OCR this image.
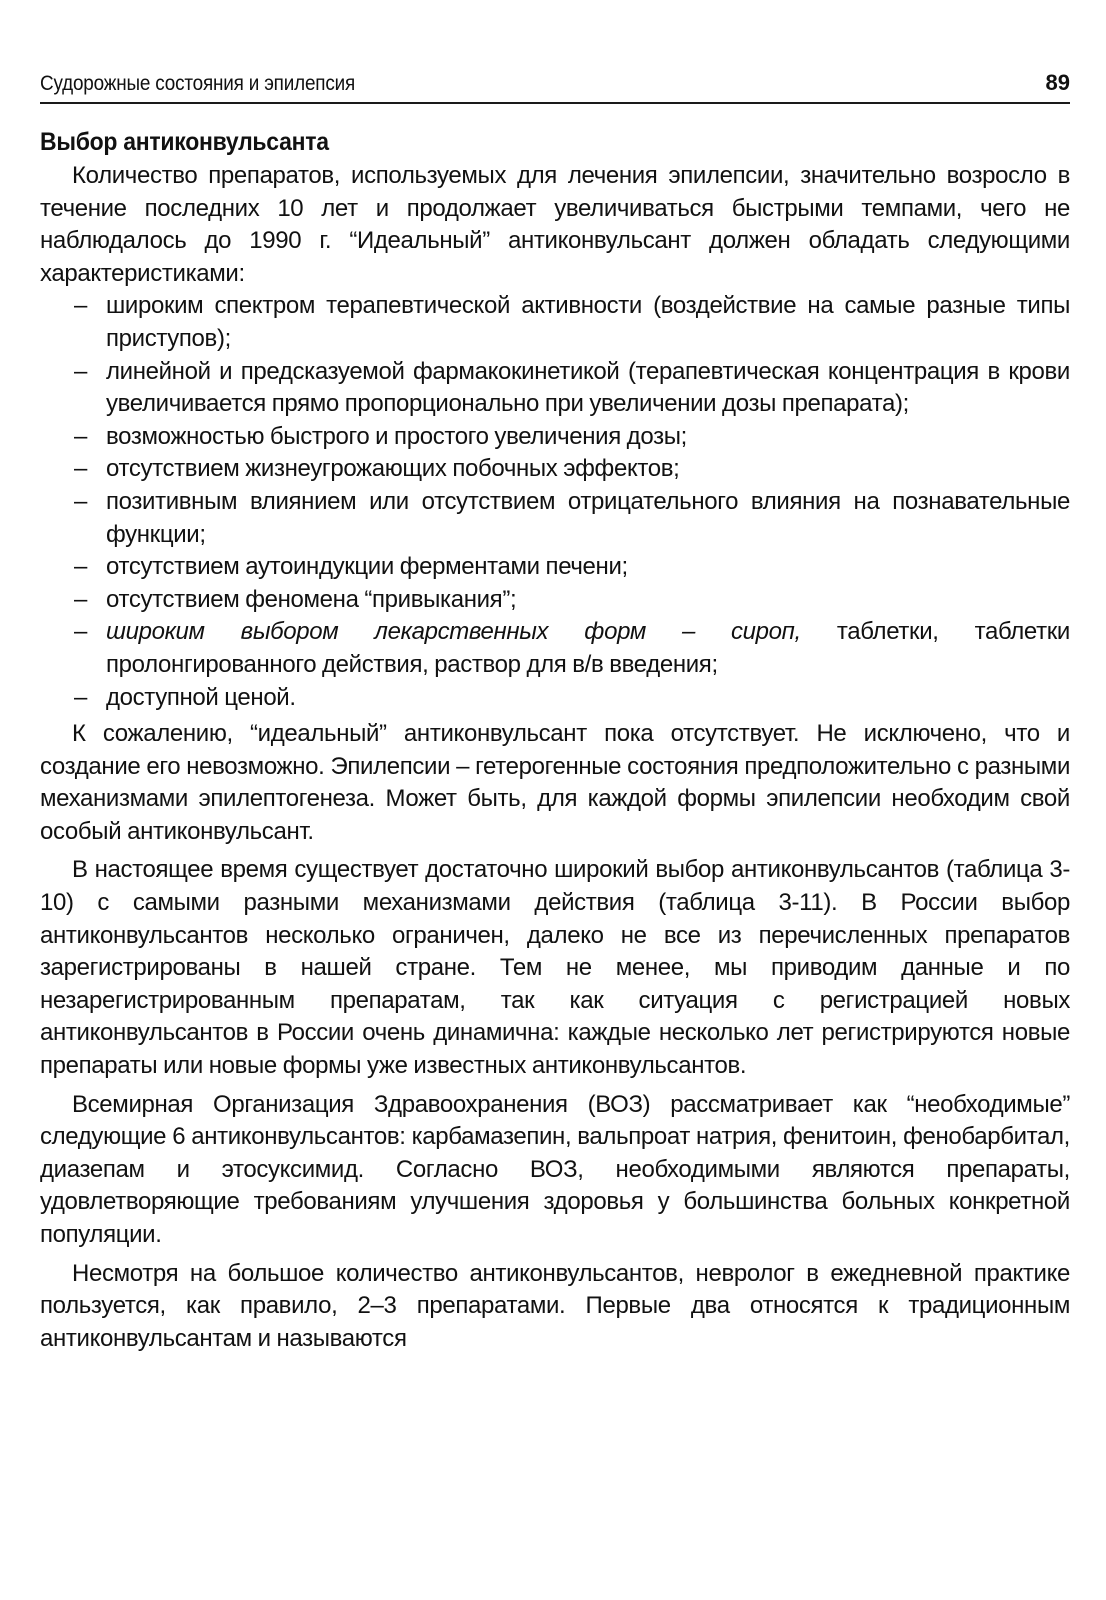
Судорожные состояния и эпилепсия	89
Выбор антиконвульсанта

Количество препаратов, используемых для лечения эпилепсии, значительно возросло в течение последних 10 лет и продолжает увеличиваться быстрыми темпами, чего не наблюдалось до 1990 г. “Идеальный” антиконвульсант должен обладать следующими характеристиками:

– широким спектром терапевтической активности (воздействие на самые разные типы приступов);
– линейной и предсказуемой фармакокинетикой (терапевтическая концентрация в крови увеличивается прямо пропорционально при увеличении дозы препарата);
– возможностью быстрого и простого увеличения дозы;
– отсутствием жизнеугрожающих побочных эффектов;
– позитивным влиянием или отсутствием отрицательного влияния на познавательные функции;
– отсутствием аутоиндукции ферментами печени;
– отсутствием феномена “привыкания”;
– широким выбором лекарственных форм – сироп, таблетки, таблетки пролонгированного действия, раствор для в/в введения;
– доступной ценой.

К сожалению, “идеальный” антиконвульсант пока отсутствует. Не исключено, что и создание его невозможно. Эпилепсии – гетерогенные состояния предположительно с разными механизмами эпилептогенеза. Может быть, для каждой формы эпилепсии необходим свой особый антиконвульсант.

В настоящее время существует достаточно широкий выбор антиконвульсантов (таблица 3-10) с самыми разными механизмами действия (таблица 3-11). В России выбор антиконвульсантов несколько ограничен, далеко не все из перечисленных препаратов зарегистрированы в нашей стране. Тем не менее, мы приводим данные и по незарегистрированным препаратам, так как ситуация с регистрацией новых антиконвульсантов в России очень динамична: каждые несколько лет регистрируются новые препараты или новые формы уже известных антиконвульсантов.

Всемирная Организация Здравоохранения (ВОЗ) рассматривает как “необходимые” следующие 6 антиконвульсантов: карбамазепин, вальпроат натрия, фенитоин, фенобарбитал, диазепам и этосуксимид. Согласно ВОЗ, необходимыми являются препараты, удовлетворяющие требованиям улучшения здоровья у большинства больных конкретной популяции.

Несмотря на большое количество антиконвульсантов, невролог в ежедневной практике пользуется, как правило, 2–3 препаратами. Первые два относятся к традиционным антиконвульсантам и называются
